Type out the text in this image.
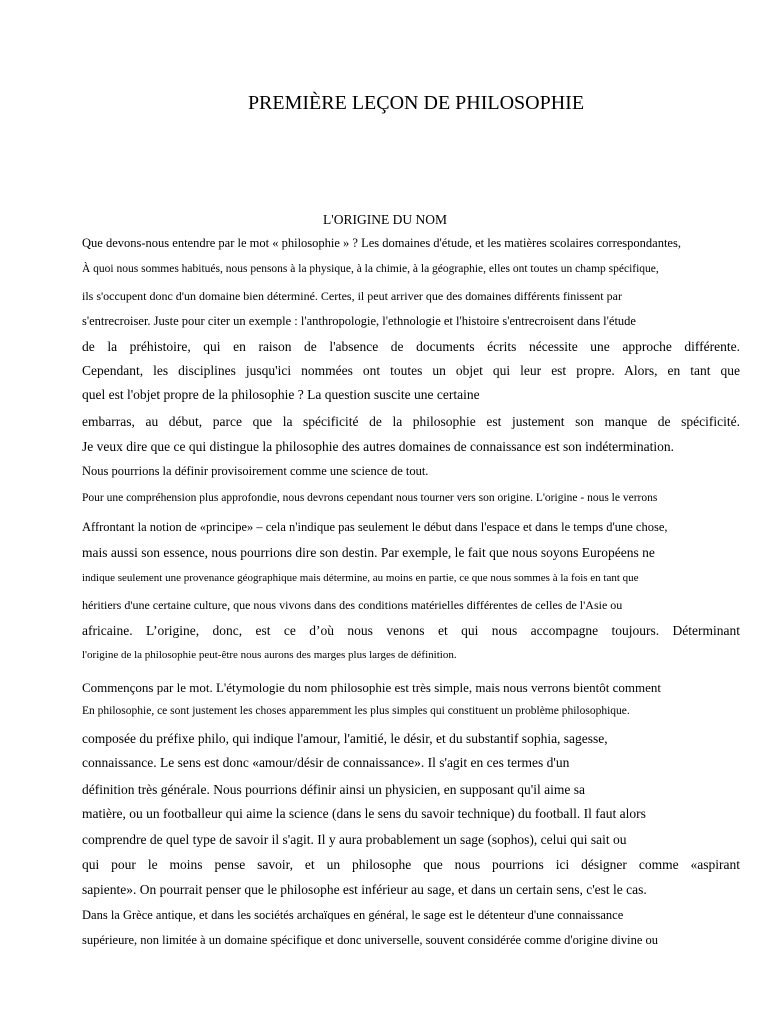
PREMIÈRE LEÇON DE PHILOSOPHIE
L'ORIGINE DU NOM
Que devons-nous entendre par le mot « philosophie » ? Les domaines d'étude, et les matières scolaires correspondantes,
À quoi nous sommes habitués, nous pensons à la physique, à la chimie, à la géographie, elles ont toutes un champ spécifique,
ils s'occupent donc d'un domaine bien déterminé. Certes, il peut arriver que des domaines différents finissent par
s'entrecroiser. Juste pour citer un exemple : l'anthropologie, l'ethnologie et l'histoire s'entrecroisent dans l'étude
de la préhistoire, qui en raison de l'absence de documents écrits nécessite une approche différente.
Cependant, les disciplines jusqu'ici nommées ont toutes un objet qui leur est propre. Alors, en tant que
quel est l'objet propre de la philosophie ? La question suscite une certaine
embarras, au début, parce que la spécificité de la philosophie est justement son manque de spécificité.
Je veux dire que ce qui distingue la philosophie des autres domaines de connaissance est son indétermination.
Nous pourrions la définir provisoirement comme une science de tout.
Pour une compréhension plus approfondie, nous devrons cependant nous tourner vers son origine. L'origine - nous le verrons
Affrontant la notion de «principe» – cela n'indique pas seulement le début dans l'espace et dans le temps d'une chose,
mais aussi son essence, nous pourrions dire son destin. Par exemple, le fait que nous soyons Européens ne
indique seulement une provenance géographique mais détermine, au moins en partie, ce que nous sommes à la fois en tant que
héritiers d'une certaine culture, que nous vivons dans des conditions matérielles différentes de celles de l'Asie ou
africaine. L’origine, donc, est ce d’où nous venons et qui nous accompagne toujours. Déterminant
l'origine de la philosophie peut-être nous aurons des marges plus larges de définition.
Commençons par le mot. L'étymologie du nom philosophie est très simple, mais nous verrons bientôt comment
En philosophie, ce sont justement les choses apparemment les plus simples qui constituent un problème philosophique.
composée du préfixe philo, qui indique l'amour, l'amitié, le désir, et du substantif sophia, sagesse,
connaissance. Le sens est donc «amour/désir de connaissance». Il s'agit en ces termes d'un
définition très générale. Nous pourrions définir ainsi un physicien, en supposant qu'il aime sa
matière, ou un footballeur qui aime la science (dans le sens du savoir technique) du football. Il faut alors
comprendre de quel type de savoir il s'agit. Il y aura probablement un sage (sophos), celui qui sait ou
qui pour le moins pense savoir, et un philosophe que nous pourrions ici désigner comme «aspirant
sapiente». On pourrait penser que le philosophe est inférieur au sage, et dans un certain sens, c'est le cas.
Dans la Grèce antique, et dans les sociétés archaïques en général, le sage est le détenteur d'une connaissance
supérieure, non limitée à un domaine spécifique et donc universelle, souvent considérée comme d'origine divine ou
